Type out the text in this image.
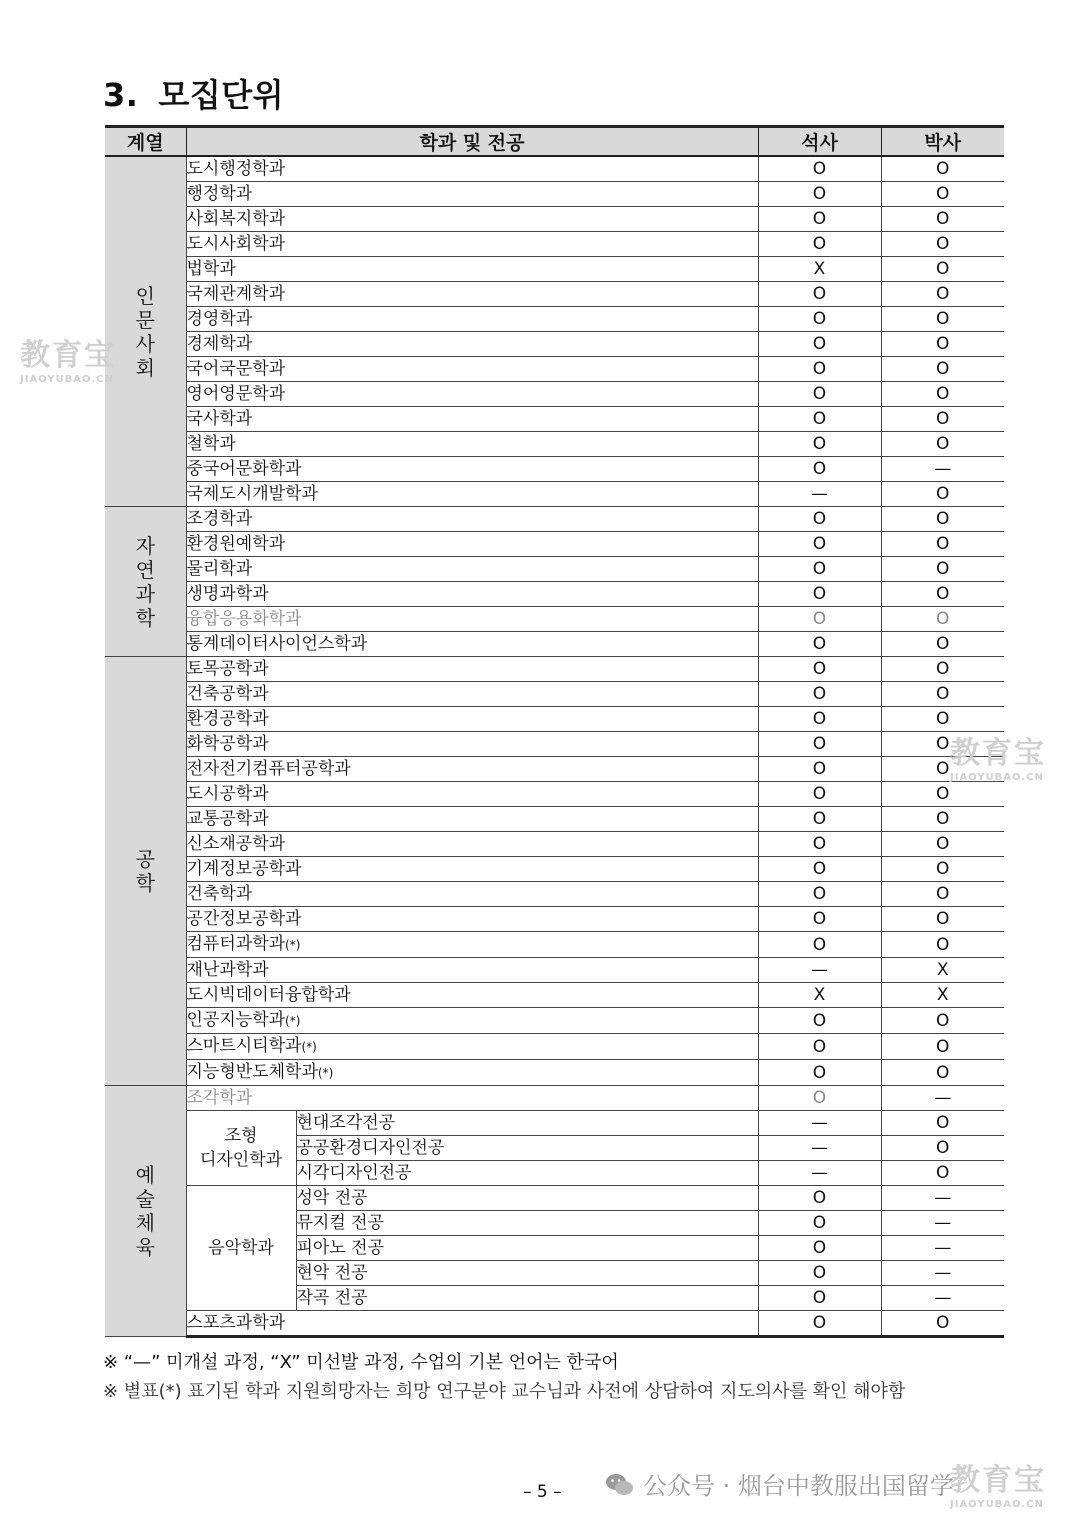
3. 모집단위
계열	학과 및 전공		석사	박사

인
문
사
회	도시행정학과		O	O
	행정학과		O	O
	사회복지학과		O	O
	도시사회학과		O	O
	법학과		X	O
	국제관계학과		O	O
	경영학과		O	O
	경제학과		O	O
	국어국문학과		O	O
	영어영문학과		O	O
	국사학과		O	O
	철학과		O	O
	중국어문화학과		O	—
	국제도시개발학과		—	O

자
연
과
학	조경학과		O	O
	환경원예학과		O	O
	물리학과		O	O
	생명과학과		O	O
	융합응용화학과		O	O
	통계데이터사이언스학과		O	O

공
학	토목공학과		O	O
	건축공학과		O	O
	환경공학과		O	O
	화학공학과		O	O
	전자전기컴퓨터공학과		O	O
	도시공학과		O	O
	교통공학과		O	O
	신소재공학과		O	O
	기계정보공학과		O	O
	건축학과		O	O
	공간정보공학과		O	O
	컴퓨터과학과(*)		O	O
	재난과학과		—	X
	도시빅데이터융합학과		X	X
	인공지능학과(*)		O	O
	스마트시티학과(*)		O	O
	지능형반도체학과(*)		O	O

예
술
체
육	조각학과		O	—

	조형
디자인학과	현대조각전공	—	O
		공공환경디자인전공	—	O
		시각디자인전공	—	O
	음악학과	성악 전공	O	—
		뮤지컬 전공	O	—
		피아노 전공	O	—
		현악 전공	O	—
		작곡 전공	O	—
	스포츠과학과		O	O
※ “—” 미개설 과정, “X” 미선발 과정, 수업의 기본 언어는 한국어
※ 별표(*) 표기된 학과 지원희망자는 희망 연구분야 교수님과 사전에 상담하여 지도의사를 확인 해야함
– 5 –
教育宝
JIAOYUBAO.CN
教育宝
JIAOYUBAO.CN
教育宝
JIAOYUBAO.CN
公众号 · 烟台中教服出国留学
